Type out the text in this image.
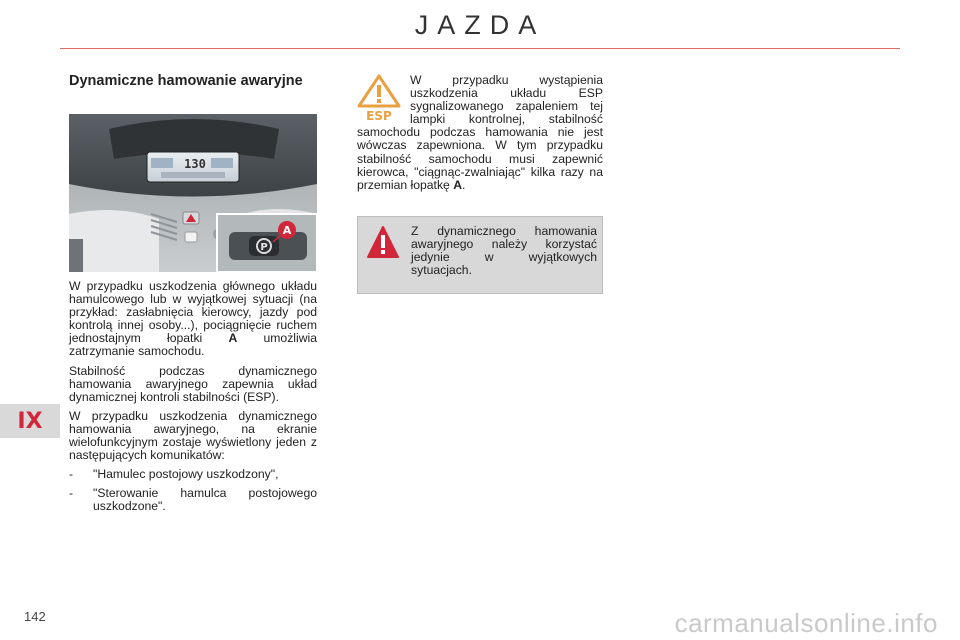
JAZDA
IX
142
Dynamiczne hamowanie awaryjne
130
P
A

W przypadku uszkodzenia głównego układu hamulcowego lub w wyjątkowej sytuacji (na przykład: zasłabnięcia kierowcy, jazdy pod kontrolą innej osoby...), pociągnięcie ruchem jednostajnym łopatki A umożliwia zatrzymanie samochodu.

Stabilność podczas dynamicznego hamowania awaryjnego zapewnia układ dynamicznej kontroli stabilności (ESP).

W przypadku uszkodzenia dynamicznego hamowania awaryjnego, na ekranie wielofunkcyjnym zostaje wyświetlony jeden z następujących komunikatów:

-	"Hamulec postojowy uszkodzony",
-	"Sterowanie hamulca postojowego uszkodzone".
ESP

W przypadku wystąpienia uszkodzenia układu ESP sygnalizowanego zapaleniem tej lampki kontrolnej, stabilność samochodu podczas hamowania nie jest wówczas zapewniona. W tym przypadku stabilność samochodu musi zapewnić kierowca, "ciągnąc-zwalniając" kilka razy na przemian łopatkę A.

Z dynamicznego hamowania awaryjnego należy korzystać jedynie w wyjątkowych sytuacjach.

carmanualsonline.info
